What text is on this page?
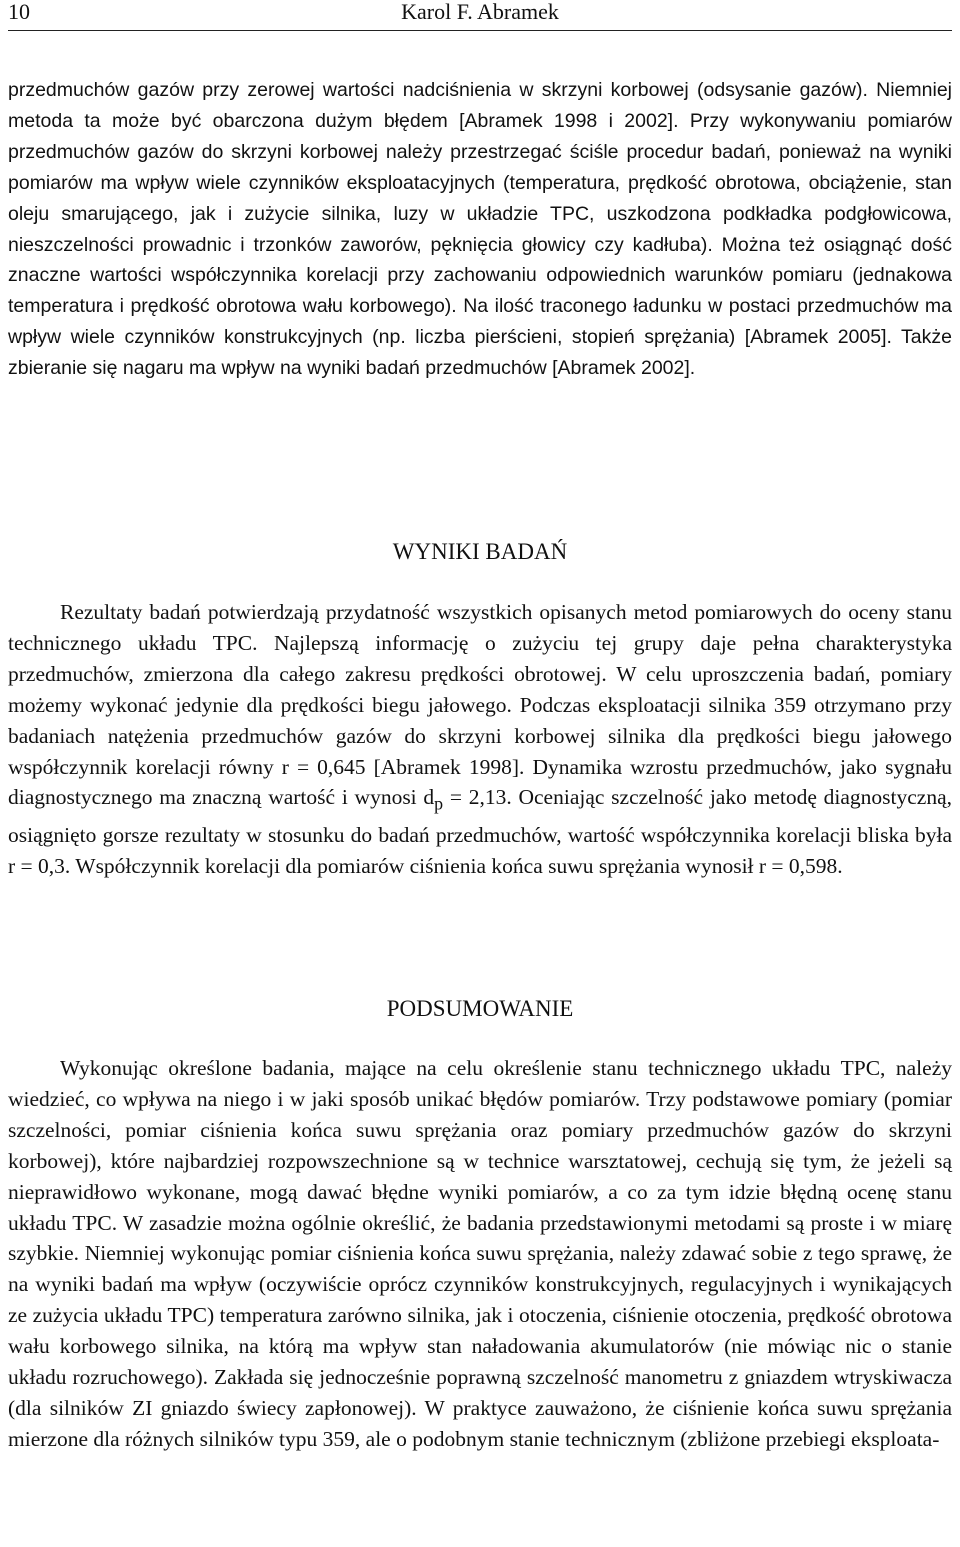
10	Karol F. Abramek

przedmuchów gazów przy zerowej wartości nadciśnienia w skrzyni korbowej (odsysanie gazów). Niemniej metoda ta może być obarczona dużym błędem [Abramek 1998 i 2002]. Przy wykonywaniu pomiarów przedmuchów gazów do skrzyni korbowej należy przestrzegać ściśle procedur badań, ponieważ na wyniki pomiarów ma wpływ wiele czynników eksploatacyjnych (temperatura, prędkość obrotowa, obciążenie, stan oleju smarującego, jak i zużycie silnika, luzy w układzie TPC, uszkodzona podkładka podgłowicowa, nieszczelności prowadnic i trzonków zaworów, pęknięcia głowicy czy kadłuba). Można też osiągnąć dość znaczne wartości współczynnika korelacji przy zachowaniu odpowiednich warunków pomiaru (jednakowa temperatura i prędkość obrotowa wału korbowego). Na ilość traconego ładunku w postaci przedmuchów ma wpływ wiele czynników konstrukcyjnych (np. liczba pierścieni, stopień sprężania) [Abramek 2005]. Także zbieranie się nagaru ma wpływ na wyniki badań przedmuchów [Abramek 2002].

WYNIKI BADAŃ

Rezultaty badań potwierdzają przydatność wszystkich opisanych metod pomiarowych do oceny stanu technicznego układu TPC. Najlepszą informację o zużyciu tej grupy daje pełna charakterystyka przedmuchów, zmierzona dla całego zakresu prędkości obrotowej. W celu uproszczenia badań, pomiary możemy wykonać jedynie dla prędkości biegu jałowego. Podczas eksploatacji silnika 359 otrzymano przy badaniach natężenia przedmuchów gazów do skrzyni korbowej silnika dla prędkości biegu jałowego współczynnik korelacji równy r = 0,645 [Abramek 1998]. Dynamika wzrostu przedmuchów, jako sygnału diagnostycznego ma znaczną wartość i wynosi $d_p = 2,13$. Oceniając szczelność jako metodę diagnostyczną, osiągnięto gorsze rezultaty w stosunku do badań przedmuchów, wartość współczynnika korelacji bliska była r = 0,3. Współczynnik korelacji dla pomiarów ciśnienia końca suwu sprężania wynosił r = 0,598.

PODSUMOWANIE

Wykonując określone badania, mające na celu określenie stanu technicznego układu TPC, należy wiedzieć, co wpływa na niego i w jaki sposób unikać błędów pomiarów. Trzy podstawowe pomiary (pomiar szczelności, pomiar ciśnienia końca suwu sprężania oraz pomiary przedmuchów gazów do skrzyni korbowej), które najbardziej rozpowszechnione są w technice warsztatowej, cechują się tym, że jeżeli są nieprawidłowo wykonane, mogą dawać błędne wyniki pomiarów, a co za tym idzie błędną ocenę stanu układu TPC. W zasadzie można ogólnie określić, że badania przedstawionymi metodami są proste i w miarę szybkie. Niemniej wykonując pomiar ciśnienia końca suwu sprężania, należy zdawać sobie z tego sprawę, że na wyniki badań ma wpływ (oczywiście oprócz czynników konstrukcyjnych, regulacyjnych i wynikających ze zużycia układu TPC) temperatura zarówno silnika, jak i otoczenia, ciśnienie otoczenia, prędkość obrotowa wału korbowego silnika, na którą ma wpływ stan naładowania akumulatorów (nie mówiąc nic o stanie układu rozruchowego). Zakłada się jednocześnie poprawną szczelność manometru z gniazdem wtryskiwacza (dla silników ZI gniazdo świecy zapłonowej). W praktyce zauważono, że ciśnienie końca suwu sprężania mierzone dla różnych silników typu 359, ale o podobnym stanie technicznym (zbliżone przebiegi eksploata-
